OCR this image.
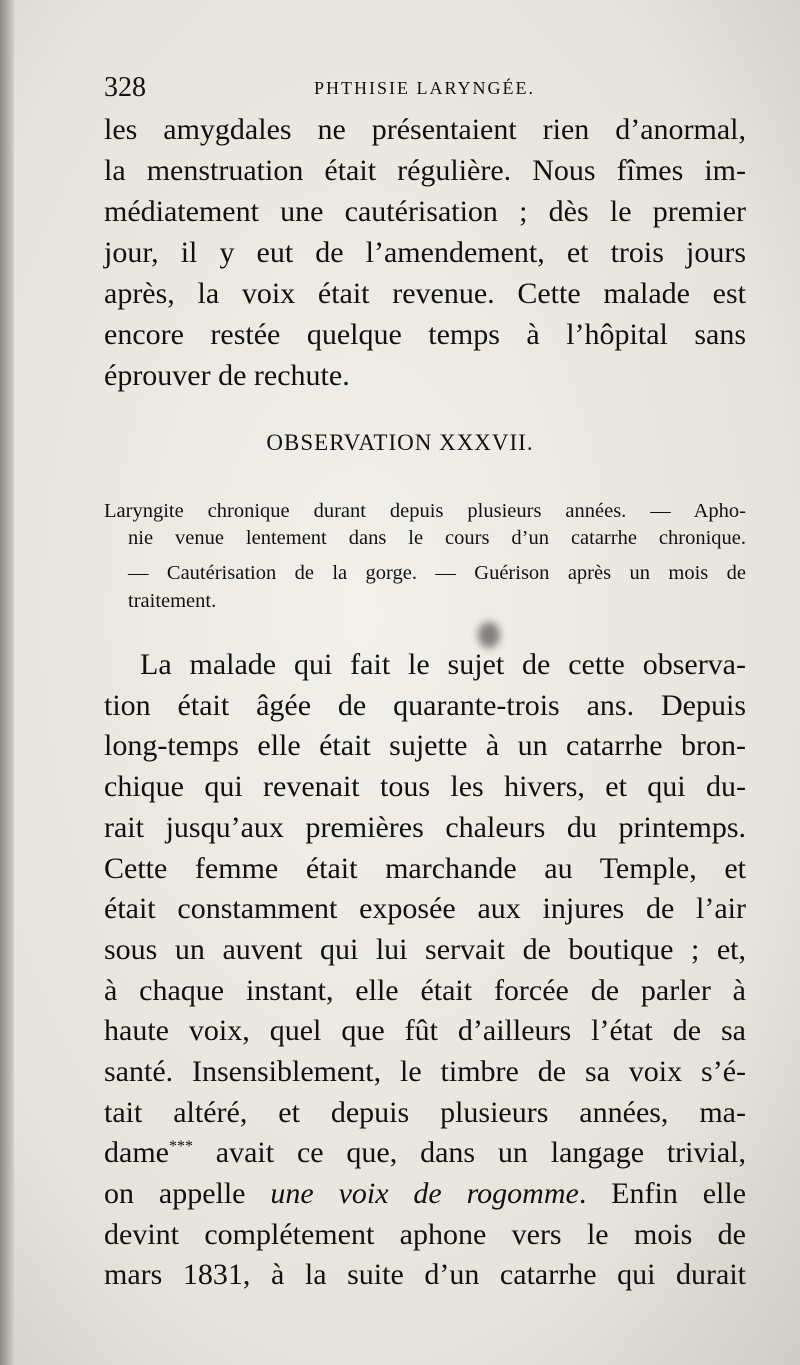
328	PHTHISIE LARYNGÉE.
les amygdales ne présentaient rien d’anormal,
la menstruation était régulière. Nous fîmes im-
médiatement une cautérisation ; dès le premier
jour, il y eut de l’amendement, et trois jours
après, la voix était revenue. Cette malade est
encore restée quelque temps à l’hôpital sans
éprouver de rechute.
OBSERVATION XXXVII.
Laryngite chronique durant depuis plusieurs années. — Apho-
nie venue lentement dans le cours d’un catarrhe chronique.
— Cautérisation de la gorge. — Guérison après un mois de
traitement.
La malade qui fait le sujet de cette observa-
tion était âgée de quarante-trois ans. Depuis
long-temps elle était sujette à un catarrhe bron-
chique qui revenait tous les hivers, et qui du-
rait jusqu’aux premières chaleurs du printemps.
Cette femme était marchande au Temple, et
était constamment exposée aux injures de l’air
sous un auvent qui lui servait de boutique ; et,
à chaque instant, elle était forcée de parler à
haute voix, quel que fût d’ailleurs l’état de sa
santé. Insensiblement, le timbre de sa voix s’é-
tait altéré, et depuis plusieurs années, ma-
dame*** avait ce que, dans un langage trivial,
on appelle une voix de rogomme. Enfin elle
devint complétement aphone vers le mois de
mars 1831, à la suite d’un catarrhe qui durait
